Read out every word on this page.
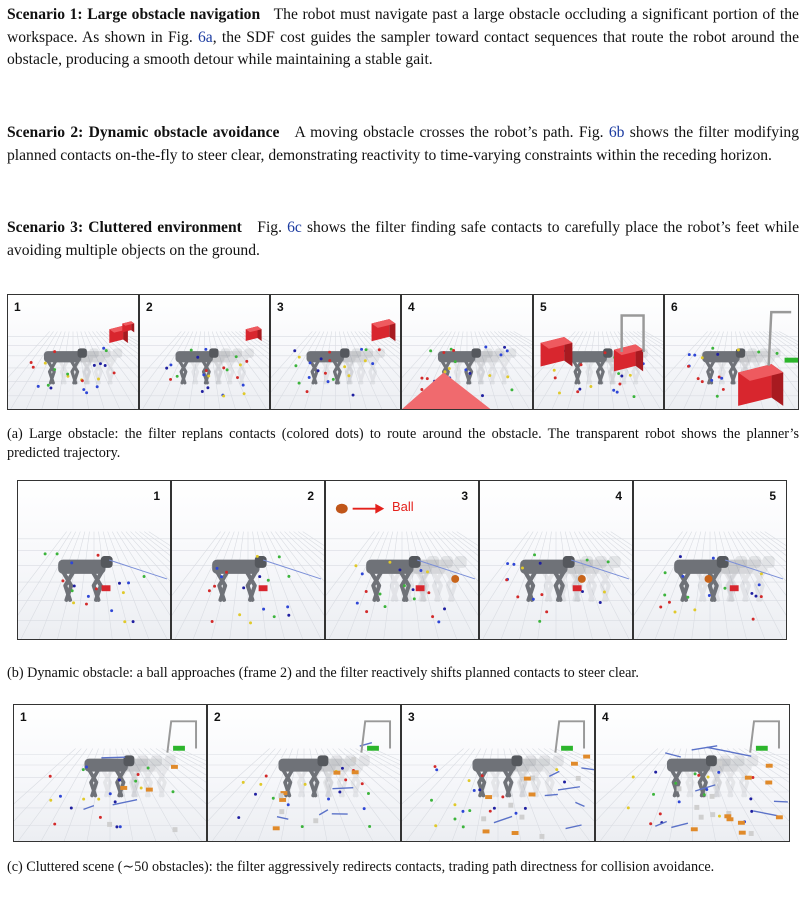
Scenario 1: Large obstacle navigation The robot must navigate past a large obstacle occluding a significant portion of the workspace. As shown in Fig. 6a, the SDF cost guides the sampler toward contact sequences that route the robot around the obstacle, producing a smooth detour while maintaining a stable gait.

Scenario 2: Dynamic obstacle avoidance A moving obstacle crosses the robot’s path. Fig. 6b shows the filter modifying planned contacts on-the-fly to steer clear, demonstrating reactivity to time-varying constraints within the receding horizon.

Scenario 3: Cluttered environment Fig. 6c shows the filter finding safe contacts to carefully place the robot’s feet while avoiding multiple objects on the ground.

1	2	3	4	5	6

(a) Large obstacle: the filter replans contacts (colored dots) to route around the obstacle. The transparent robot shows the planner’s predicted trajectory.

1	2	3
Ball
4	5

(b) Dynamic obstacle: a ball approaches (frame 2) and the filter reactively shifts planned contacts to steer clear.

1	2	3	4

(c) Cluttered scene (∼50 obstacles): the filter aggressively redirects contacts, trading path directness for collision avoidance.
